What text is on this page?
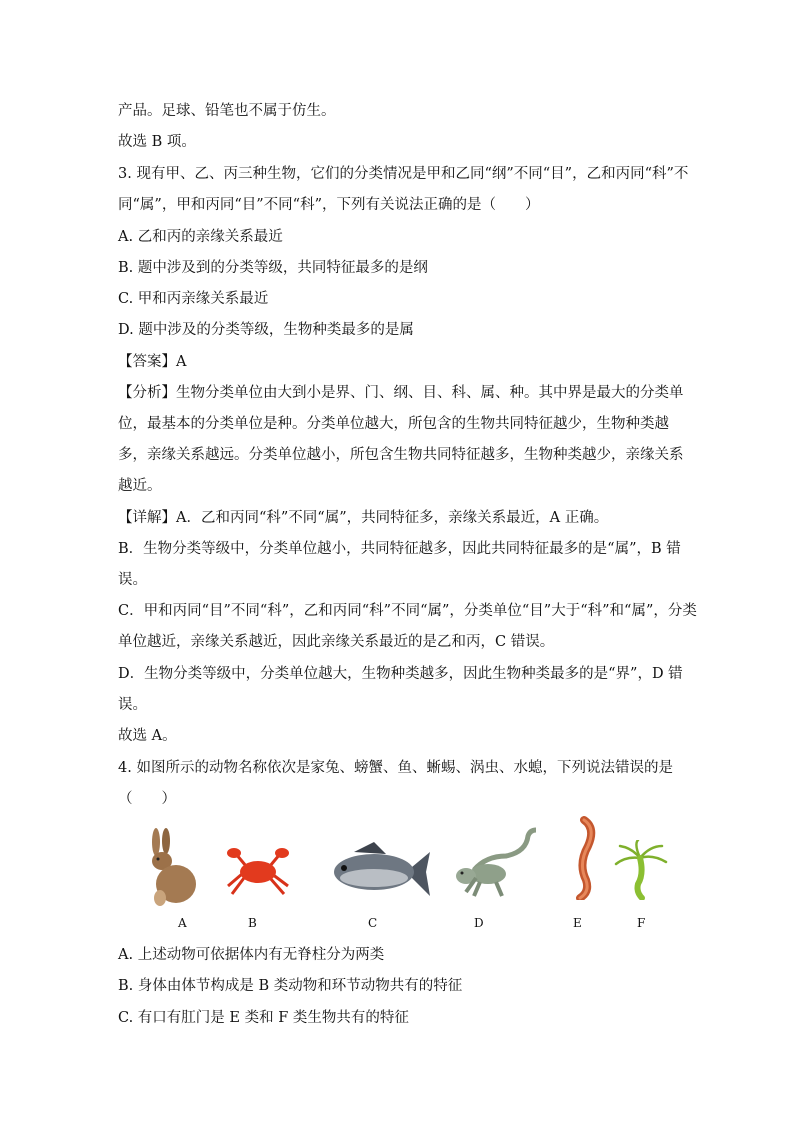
产品。足球、铅笔也不属于仿生。
故选 B 项。
3. 现有甲、乙、丙三种生物，它们的分类情况是甲和乙同“纲”不同“目”，乙和丙同“科”不
同“属”，甲和丙同“目”不同“科”，下列有关说法正确的是（　　）
A. 乙和丙的亲缘关系最近
B. 题中涉及到的分类等级，共同特征最多的是纲
C. 甲和丙亲缘关系最近
D. 题中涉及的分类等级，生物种类最多的是属
【答案】A
【分析】生物分类单位由大到小是界、门、纲、目、科、属、种。其中界是最大的分类单
位，最基本的分类单位是种。分类单位越大，所包含的生物共同特征越少，生物种类越
多，亲缘关系越远。分类单位越小，所包含生物共同特征越多，生物种类越少，亲缘关系
越近。
【详解】A．乙和丙同“科”不同“属”，共同特征多，亲缘关系最近，A 正确。
B．生物分类等级中，分类单位越小，共同特征越多，因此共同特征最多的是“属”，B 错
误。
C．甲和丙同“目”不同“科”，乙和丙同“科”不同“属”，分类单位“目”大于“科”和“属”，分类
单位越近，亲缘关系越近，因此亲缘关系最近的是乙和丙，C 错误。
D．生物分类等级中，分类单位越大，生物种类越多，因此生物种类最多的是“界”，D 错
误。
故选 A。
4. 如图所示的动物名称依次是家兔、螃蟹、鱼、蜥蜴、涡虫、水螅，下列说法错误的是
（　　）
A	B	C	D	E	F
A. 上述动物可依据体内有无脊柱分为两类
B. 身体由体节构成是 B 类动物和环节动物共有的特征
C. 有口有肛门是 E 类和 F 类生物共有的特征
